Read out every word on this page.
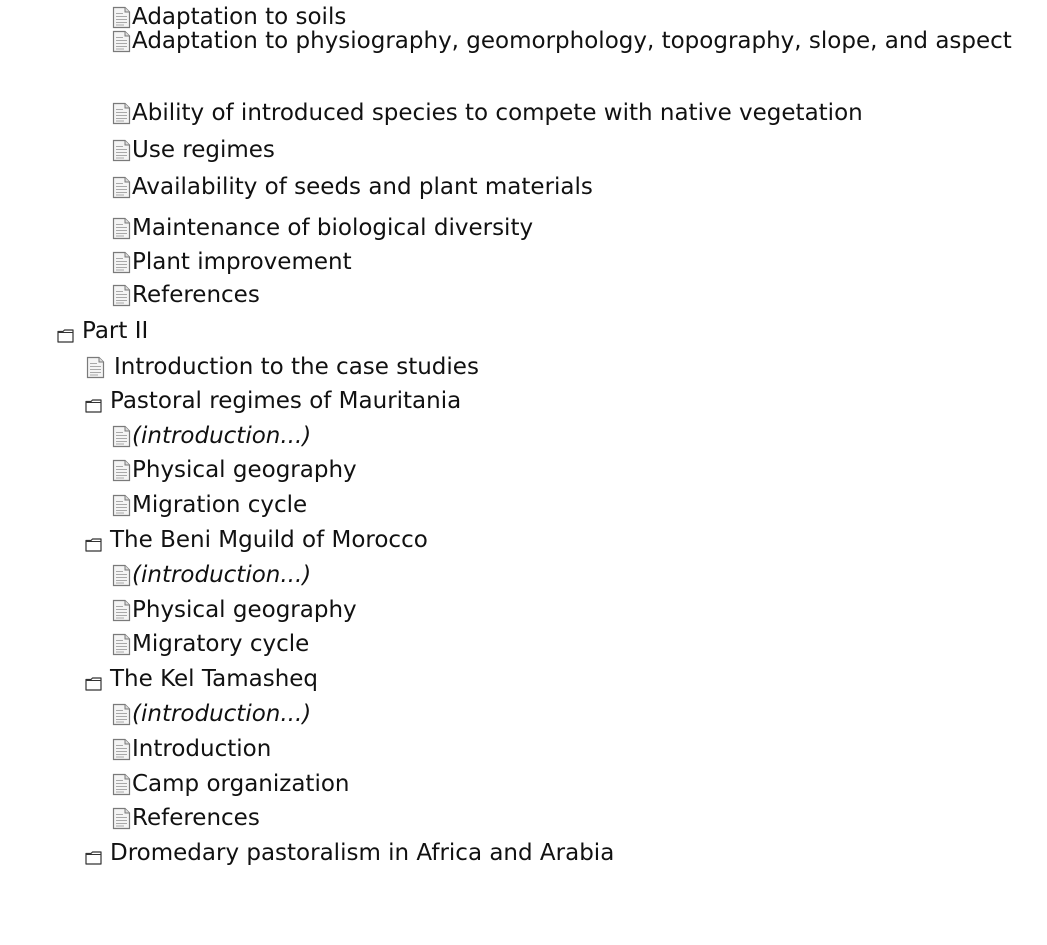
Adaptation to soils
Adaptation to physiography, geomorphology, topography, slope, and aspect
Ability of introduced species to compete with native vegetation
Use regimes
Availability of seeds and plant materials
Maintenance of biological diversity
Plant improvement
References
Part II
Introduction to the case studies
Pastoral regimes of Mauritania
(introduction...)
Physical geography
Migration cycle
The Beni Mguild of Morocco
(introduction...)
Physical geography
Migratory cycle
The Kel Tamasheq
(introduction...)
Introduction
Camp organization
References
Dromedary pastoralism in Africa and Arabia
